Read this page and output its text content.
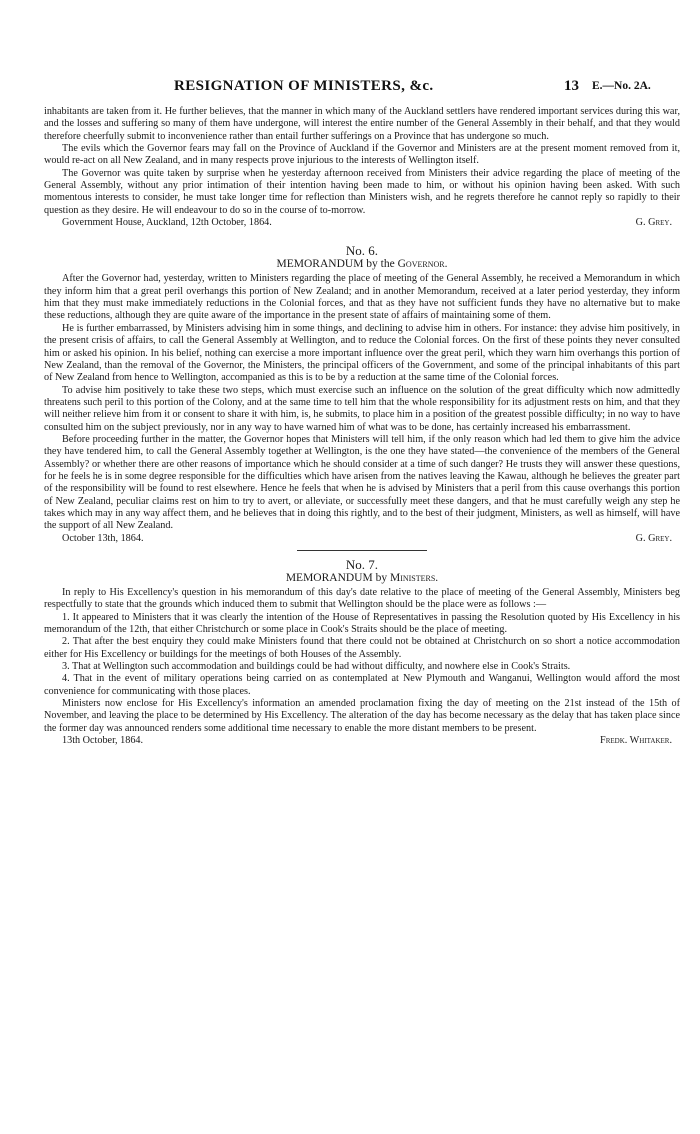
RESIGNATION OF MINISTERS, &c.	13 E.—No. 2A.

inhabitants are taken from it. He further believes, that the manner in which many of the Auckland settlers have rendered important services during this war, and the losses and suffering so many of them have undergone, will interest the entire number of the General Assembly in their behalf, and that they would therefore cheerfully submit to inconvenience rather than entail further sufferings on a Province that has undergone so much.

The evils which the Governor fears may fall on the Province of Auckland if the Governor and Ministers are at the present moment removed from it, would re-act on all New Zealand, and in many respects prove injurious to the interests of Wellington itself.

The Governor was quite taken by surprise when he yesterday afternoon received from Ministers their advice regarding the place of meeting of the General Assembly, without any prior intimation of their intention having been made to him, or without his opinion having been asked. With such momentous interests to consider, he must take longer time for reflection than Ministers wish, and he regrets therefore he cannot reply so rapidly to their question as they desire. He will endeavour to do so in the course of to-morrow.

Government House, Auckland, 12th October, 1864.	G. Grey.
No. 6.
MEMORANDUM by the Governor.

After the Governor had, yesterday, written to Ministers regarding the place of meeting of the General Assembly, he received a Memorandum in which they inform him that a great peril overhangs this portion of New Zealand; and in another Memorandum, received at a later period yesterday, they inform him that they must make immediately reductions in the Colonial forces, and that as they have not sufficient funds they have no alternative but to make these reductions, although they are quite aware of the importance in the present state of affairs of maintaining some of them.

He is further embarrassed, by Ministers advising him in some things, and declining to advise him in others. For instance: they advise him positively, in the present crisis of affairs, to call the General Assembly at Wellington, and to reduce the Colonial forces. On the first of these points they never consulted him or asked his opinion. In his belief, nothing can exercise a more important influence over the great peril, which they warn him overhangs this portion of New Zealand, than the removal of the Governor, the Ministers, the principal officers of the Government, and some of the principal inhabitants of this part of New Zealand from hence to Wellington, accompanied as this is to be by a reduction at the same time of the Colonial forces.

To advise him positively to take these two steps, which must exercise such an influence on the solution of the great difficulty which now admittedly threatens such peril to this portion of the Colony, and at the same time to tell him that the whole responsibility for its adjustment rests on him, and that they will neither relieve him from it or consent to share it with him, is, he submits, to place him in a position of the greatest possible difficulty; in no way to have consulted him on the subject previously, nor in any way to have warned him of what was to be done, has certainly increased his embarrassment.

Before proceeding further in the matter, the Governor hopes that Ministers will tell him, if the only reason which had led them to give him the advice they have tendered him, to call the General Assembly together at Wellington, is the one they have stated—the convenience of the members of the General Assembly? or whether there are other reasons of importance which he should consider at a time of such danger? He trusts they will answer these questions, for he feels he is in some degree responsible for the difficulties which have arisen from the natives leaving the Kawau, although he believes the greater part of the responsibility will be found to rest elsewhere. Hence he feels that when he is advised by Ministers that a peril from this cause overhangs this portion of New Zealand, peculiar claims rest on him to try to avert, or alleviate, or successfully meet these dangers, and that he must carefully weigh any step he takes which may in any way affect them, and he believes that in doing this rightly, and to the best of their judgment, Ministers, as well as himself, will have the support of all New Zealand.

October 13th, 1864.	G. Grey.
No. 7.
MEMORANDUM by Ministers.

In reply to His Excellency's question in his memorandum of this day's date relative to the place of meeting of the General Assembly, Ministers beg respectfully to state that the grounds which induced them to submit that Wellington should be the place were as follows :—

1. It appeared to Ministers that it was clearly the intention of the House of Representatives in passing the Resolution quoted by His Excellency in his memorandum of the 12th, that either Christchurch or some place in Cook's Straits should be the place of meeting.

2. That after the best enquiry they could make Ministers found that there could not be obtained at Christchurch on so short a notice accommodation either for His Excellency or buildings for the meetings of both Houses of the Assembly.

3. That at Wellington such accommodation and buildings could be had without difficulty, and nowhere else in Cook's Straits.

4. That in the event of military operations being carried on as contemplated at New Plymouth and Wanganui, Wellington would afford the most convenience for communicating with those places.

Ministers now enclose for His Excellency's information an amended proclamation fixing the day of meeting on the 21st instead of the 15th of November, and leaving the place to be determined by His Excellency. The alteration of the day has become necessary as the delay that has taken place since the former day was announced renders some additional time necessary to enable the more distant members to be present.

13th October, 1864.	Fredk. Whitaker.
